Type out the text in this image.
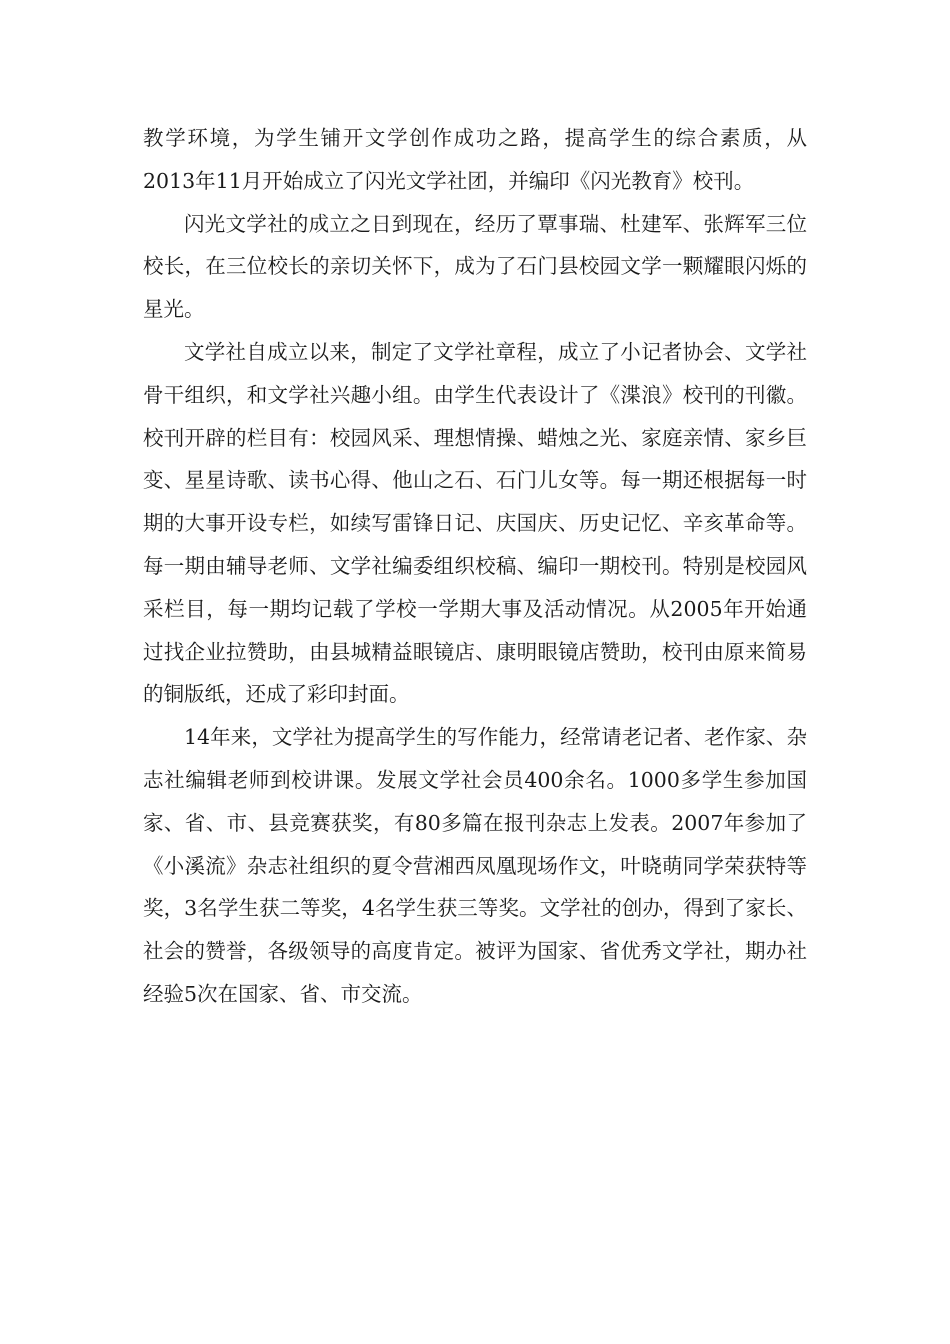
教学环境，为学生铺开文学创作成功之路，提高学生的综合素质，从2013年11月开始成立了闪光文学社团，并编印《闪光教育》校刊。

闪光文学社的成立之日到现在，经历了覃事瑞、杜建军、张辉军三位校长，在三位校长的亲切关怀下，成为了石门县校园文学一颗耀眼闪烁的星光。

文学社自成立以来，制定了文学社章程，成立了小记者协会、文学社骨干组织，和文学社兴趣小组。由学生代表设计了《渫浪》校刊的刊徽。校刊开辟的栏目有：校园风采、理想情操、蜡烛之光、家庭亲情、家乡巨变、星星诗歌、读书心得、他山之石、石门儿女等。每一期还根据每一时期的大事开设专栏，如续写雷锋日记、庆国庆、历史记忆、辛亥革命等。 每一期由辅导老师、文学社编委组织校稿、编印一期校刊。特别是校园风采栏目，每一期均记载了学校一学期大事及活动情况。从2005年开始通过找企业拉赞助，由县城精益眼镜店、康明眼镜店赞助，校刊由原来简易的铜版纸，还成了彩印封面。

14年来，文学社为提高学生的写作能力，经常请老记者、老作家、杂志社编辑老师到校讲课。发展文学社会员400余名。1000多学生参加国家、省、市、县竞赛获奖，有80多篇在报刊杂志上发表。2007年参加了《小溪流》杂志社组织的夏令营湘西凤凰现场作文，叶晓萌同学荣获特等奖，3名学生获二等奖，4名学生获三等奖。文学社的创办，得到了家长、社会的赞誉，各级领导的高度肯定。被评为国家、省优秀文学社，期办社经验5次在国家、省、市交流。
